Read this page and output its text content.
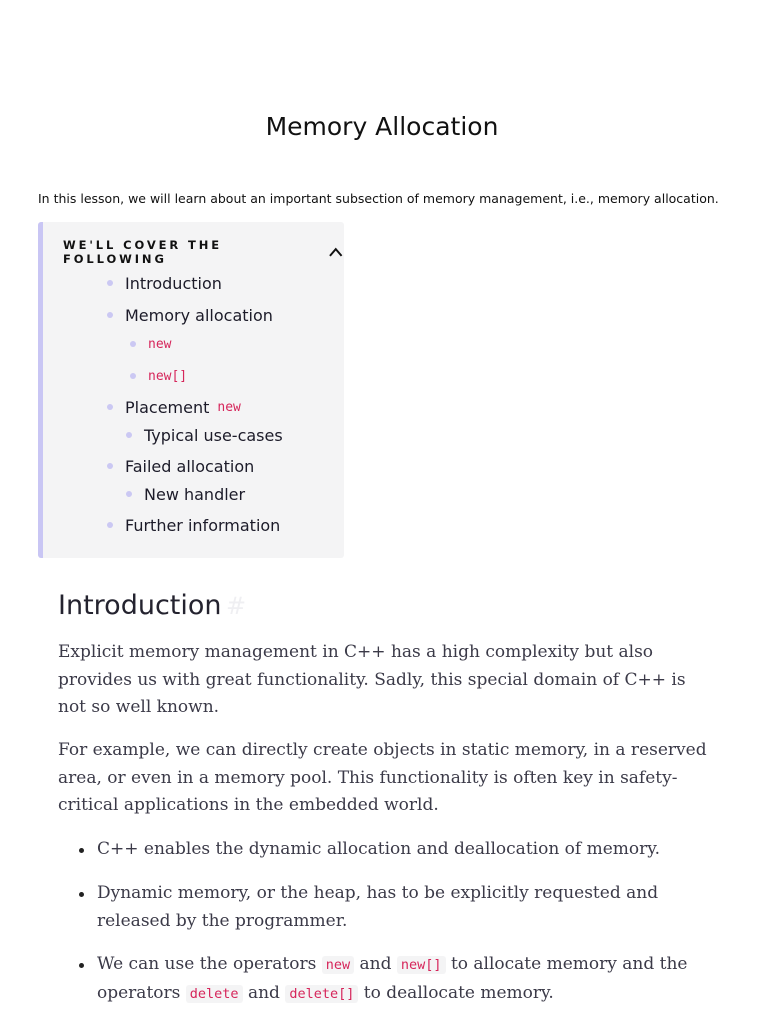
Memory Allocation
In this lesson, we will learn about an important subsection of memory management, i.e., memory allocation.
WE'LL COVER THE FOLLOWING
Introduction
Memory allocation
new
new[]
Placement new
Typical use-cases
Failed allocation
New handler
Further information
Introduction #

Explicit memory management in C++ has a high complexity but also provides us with great functionality. Sadly, this special domain of C++ is not so well known.

For example, we can directly create objects in static memory, in a reserved area, or even in a memory pool. This functionality is often key in safety-critical applications in the embedded world.

C++ enables the dynamic allocation and deallocation of memory.
Dynamic memory, or the heap, has to be explicitly requested and released by the programmer.
We can use the operators new and new[] to allocate memory and the operators delete and delete[] to deallocate memory.
